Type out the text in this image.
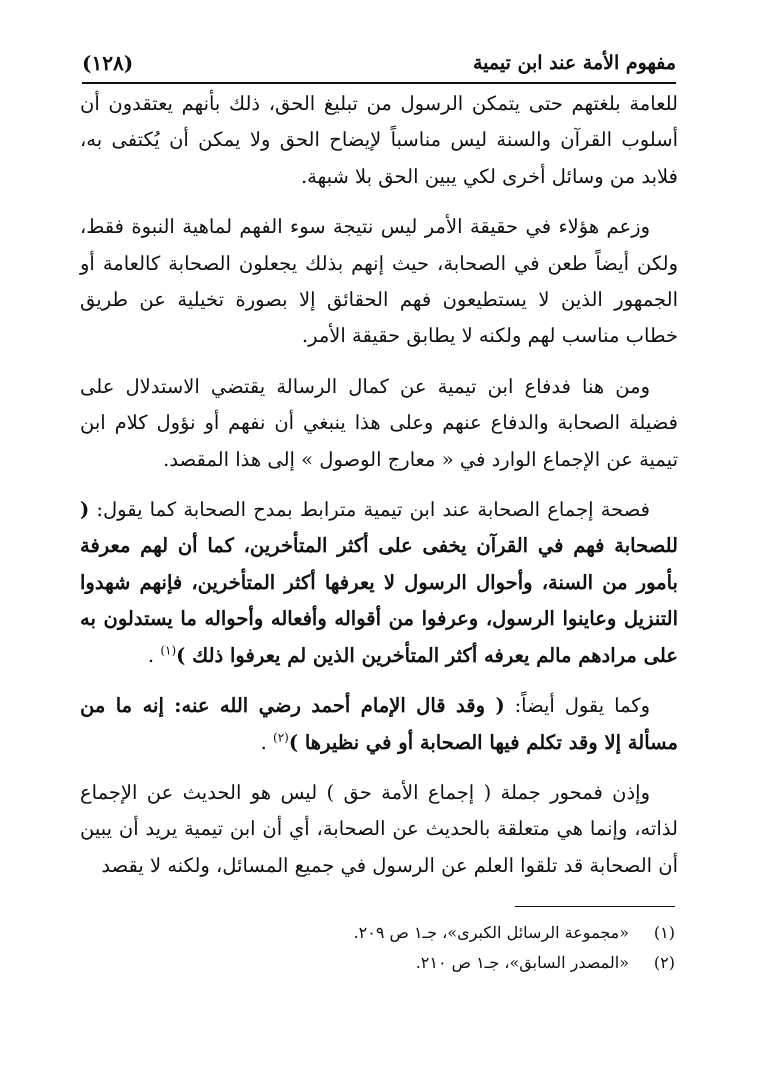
مفهوم الأمة عند ابن تيمية
(١٢٨)

للعامة بلغتهم حتى يتمكن الرسول من تبليغ الحق، ذلك بأنهم يعتقدون أن أسلوب القرآن والسنة ليس مناسباً لإيضاح الحق ولا يمكن أن يُكتفى به، فلابد من وسائل أخرى لكي يبين الحق بلا شبهة.

وزعم هؤلاء في حقيقة الأمر ليس نتيجة سوء الفهم لماهية النبوة فقط، ولكن أيضاً طعن في الصحابة، حيث إنهم بذلك يجعلون الصحابة كالعامة أو الجمهور الذين لا يستطيعون فهم الحقائق إلا بصورة تخيلية عن طريق خطاب مناسب لهم ولكنه لا يطابق حقيقة الأمر.

ومن هنا فدفاع ابن تيمية عن كمال الرسالة يقتضي الاستدلال على فضيلة الصحابة والدفاع عنهم وعلى هذا ينبغي أن نفهم أو نؤول كلام ابن تيمية عن الإجماع الوارد في « معارج الوصول » إلى هذا المقصد.

فصحة إجماع الصحابة عند ابن تيمية مترابط بمدح الصحابة كما يقول: ( للصحابة فهم في القرآن يخفى على أكثر المتأخرين، كما أن لهم معرفة بأمور من السنة، وأحوال الرسول لا يعرفها أكثر المتأخرين، فإنهم شهدوا التنزيل وعاينوا الرسول، وعرفوا من أقواله وأفعاله وأحواله ما يستدلون به على مرادهم مالم يعرفه أكثر المتأخرين الذين لم يعرفوا ذلك )$^{(١)}$ .

وكما يقول أيضاً: ( وقد قال الإمام أحمد رضي الله عنه: إنه ما من مسألة إلا وقد تكلم فيها الصحابة أو في نظيرها )$^{(٢)}$ .

وإذن فمحور جملة ( إجماع الأمة حق ) ليس هو الحديث عن الإجماع لذاته، وإنما هي متعلقة بالحديث عن الصحابة، أي أن ابن تيمية يريد أن يبين أن الصحابة قد تلقوا العلم عن الرسول في جميع المسائل، ولكنه لا يقصد

(١)
«مجموعة الرسائل الكبرى»، جـ١ ص ٢٠٩.
(٢)
«المصدر السابق»، جـ١ ص ٢١٠.
